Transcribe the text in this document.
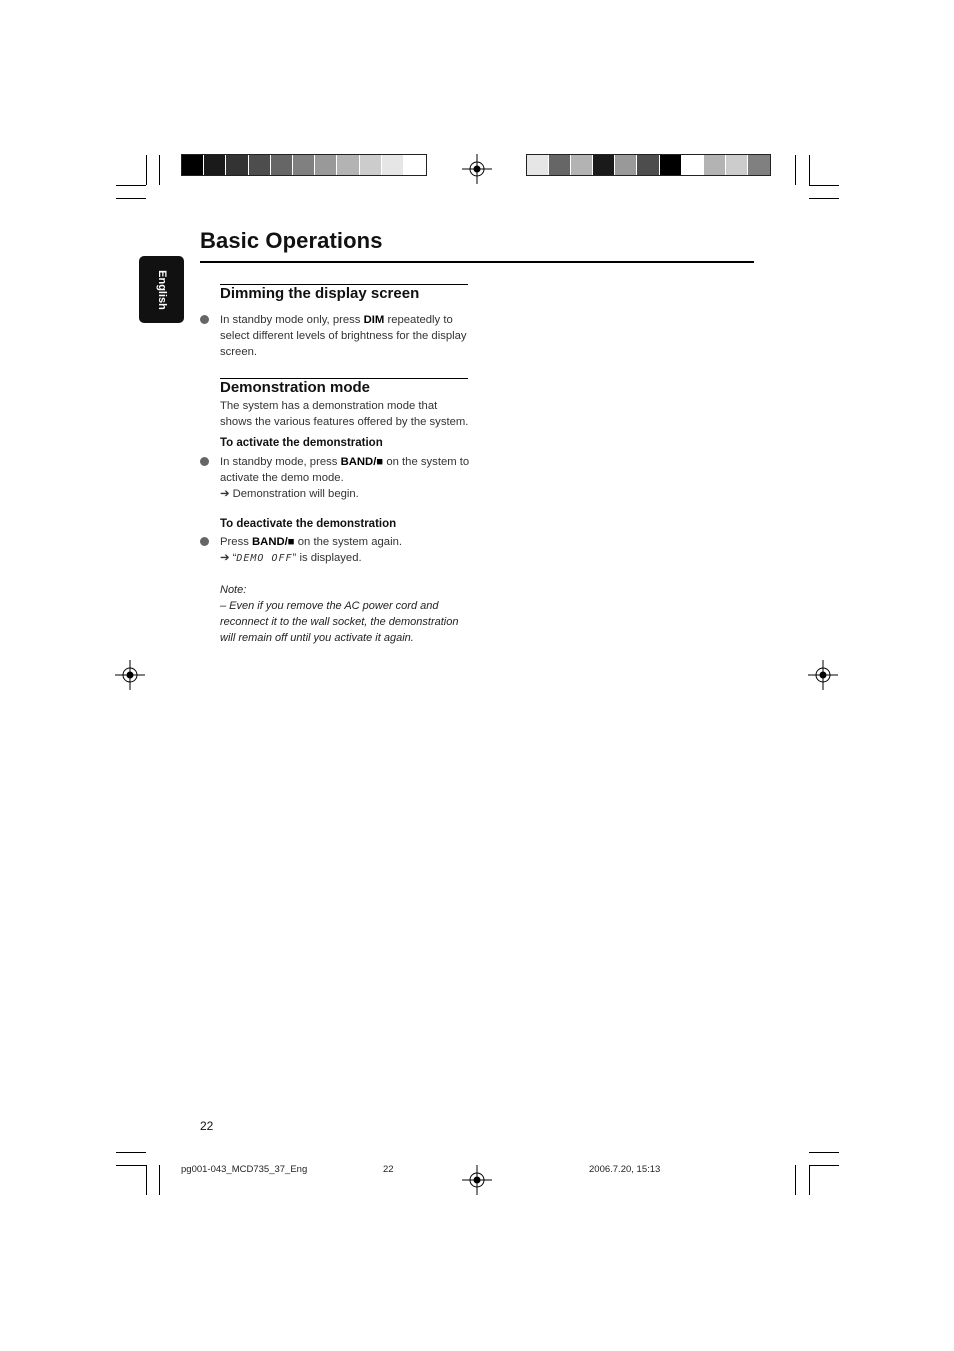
Basic Operations
English	Dimming the display screen
In standby mode only, press DIM repeatedly to select different levels of brightness for the display screen.
Demonstration mode
The system has a demonstration mode that shows the various features offered by the system.
To activate the demonstration
In standby mode, press BAND/■ on the system to activate the demo mode.
➔ Demonstration will begin.
To deactivate the demonstration
Press BAND/■ on the system again.
➔ “DEMO OFF” is displayed.
Note:
– Even if you remove the AC power cord and reconnect it to the wall socket, the demonstration will remain off until you activate it again.
22
pg001-043_MCD735_37_Eng	22	2006.7.20, 15:13
